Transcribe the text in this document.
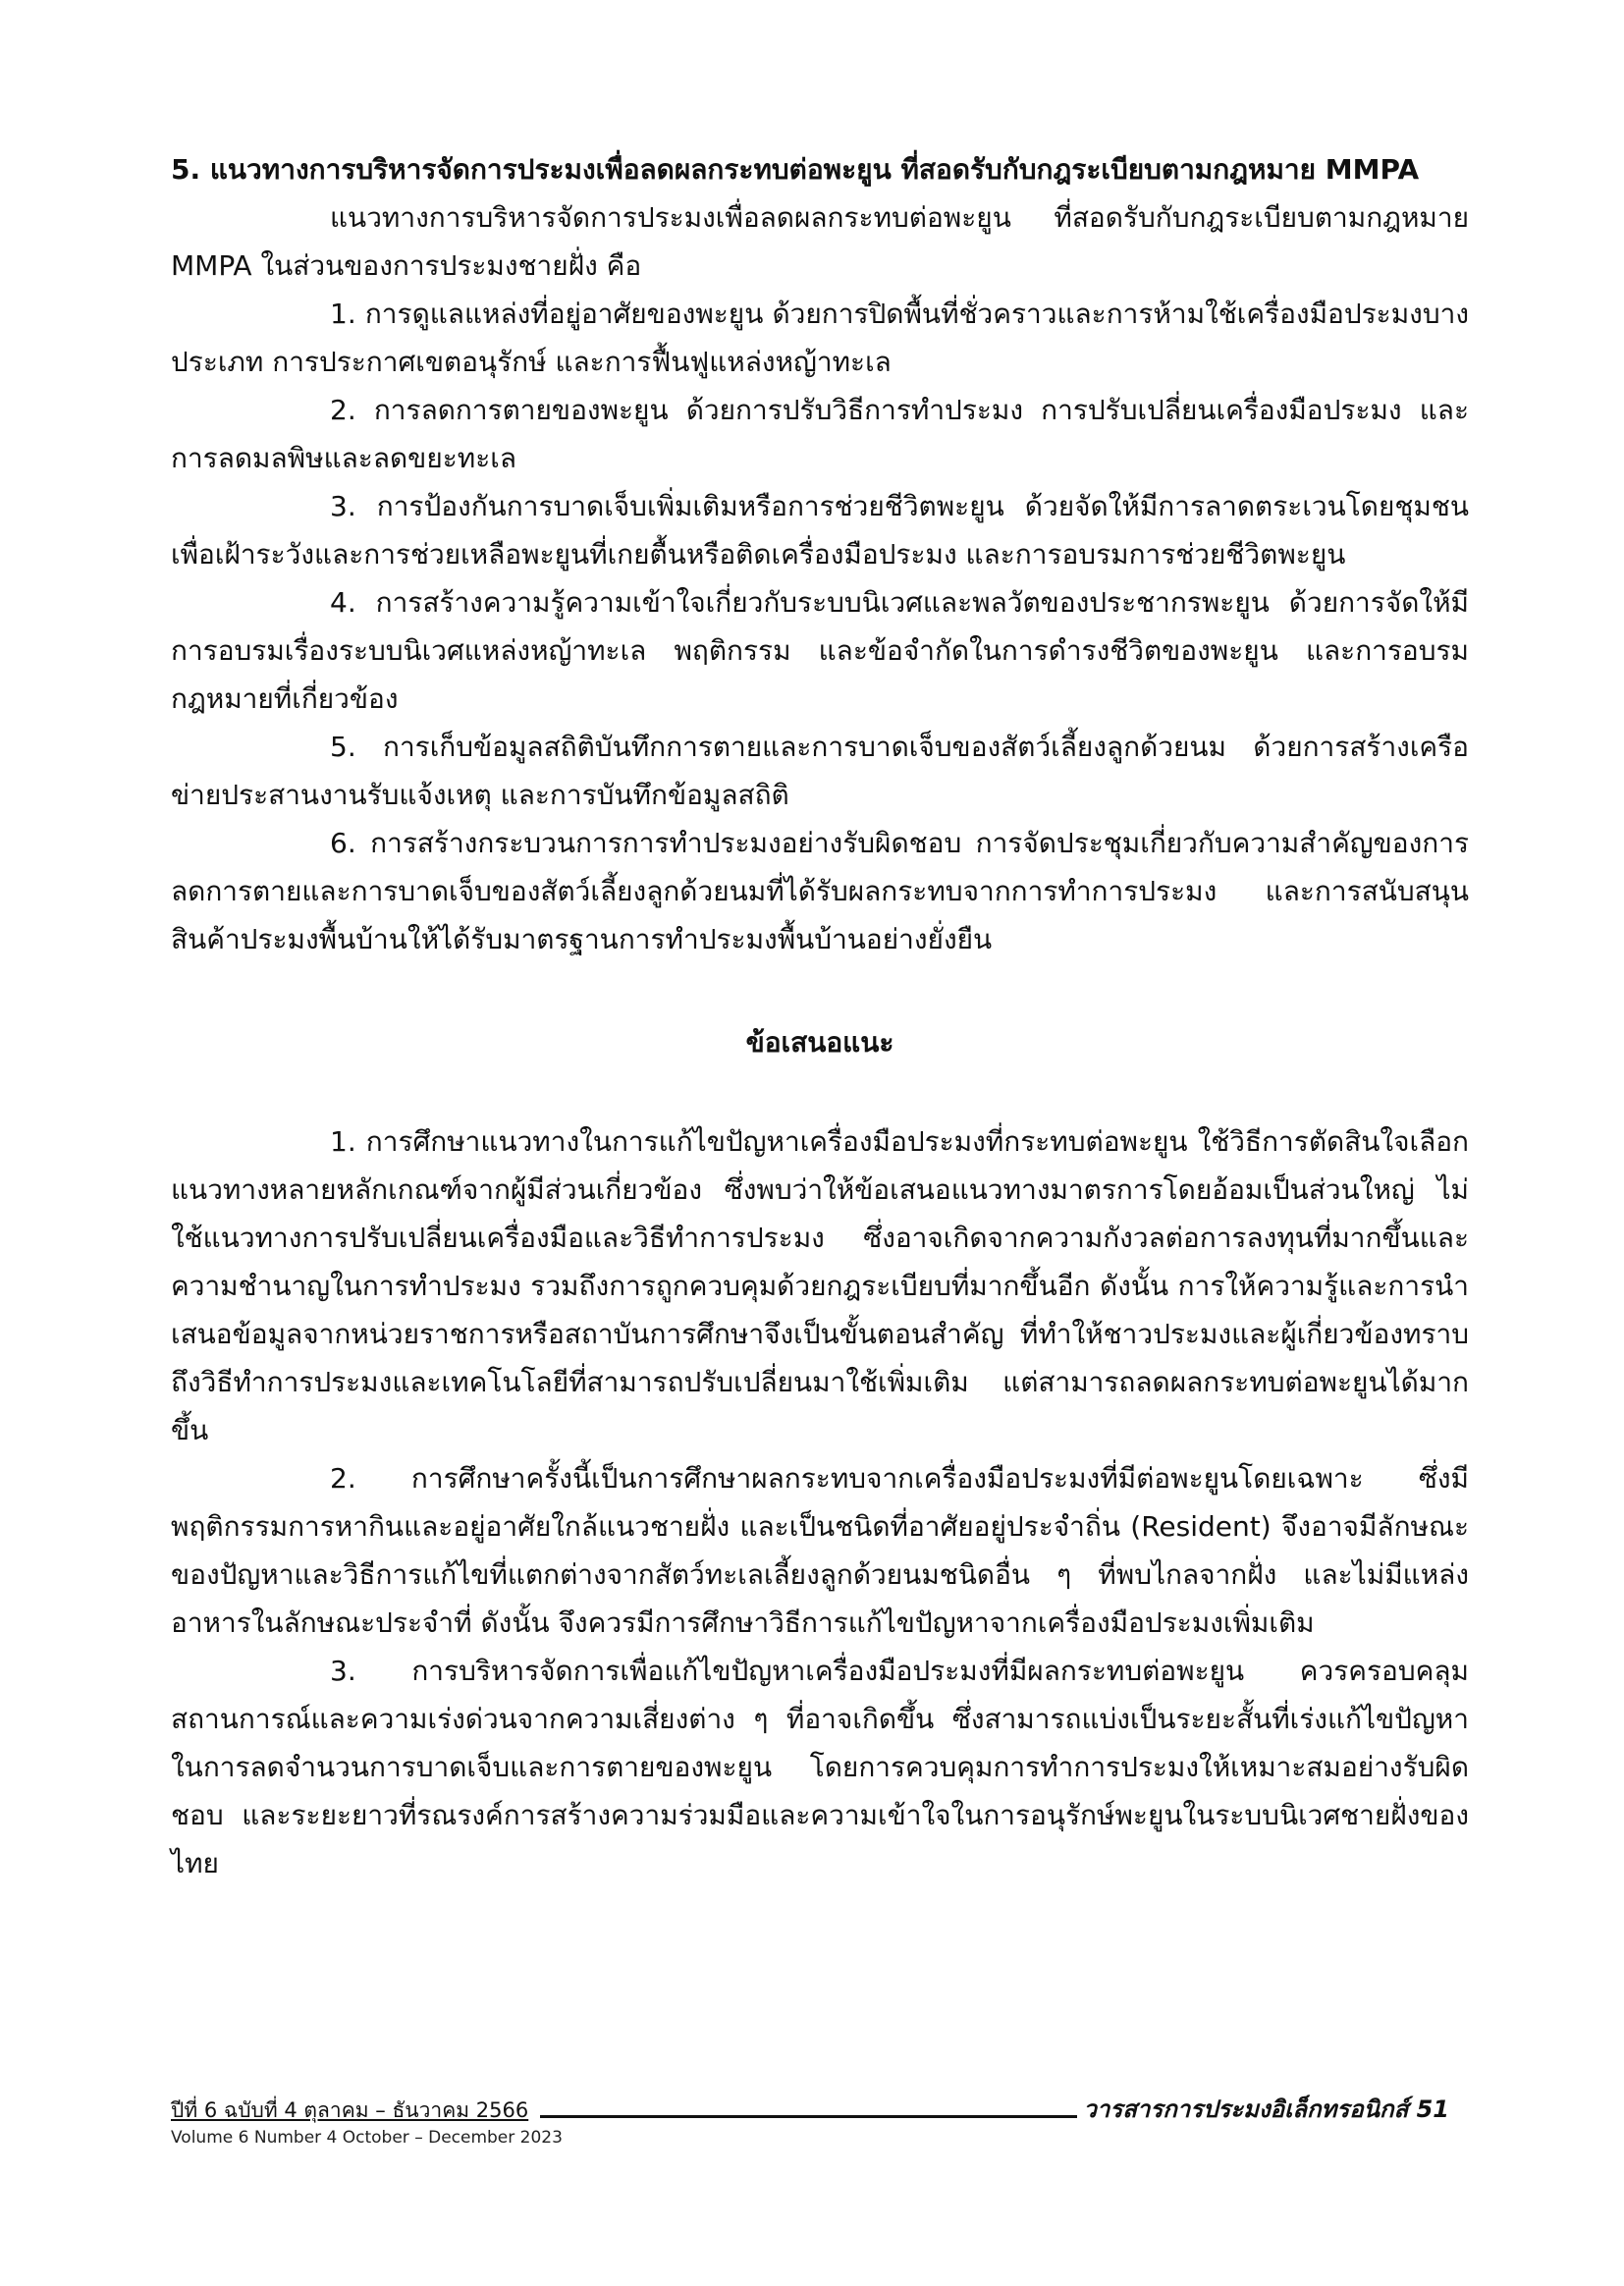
5. แนวทางการบริหารจัดการประมงเพื่อลดผลกระทบต่อพะยูน ที่สอดรับกับกฎระเบียบตามกฎหมาย MMPA

แนวทางการบริหารจัดการประมงเพื่อลดผลกระทบต่อพะยูน ที่สอดรับกับกฎระเบียบตามกฎหมาย MMPA ในส่วนของการประมงชายฝั่ง คือ

1. การดูแลแหล่งที่อยู่อาศัยของพะยูน ด้วยการปิดพื้นที่ชั่วคราวและการห้ามใช้เครื่องมือประมงบางประเภท การประกาศเขตอนุรักษ์ และการฟื้นฟูแหล่งหญ้าทะเล

2. การลดการตายของพะยูน ด้วยการปรับวิธีการทำประมง การปรับเปลี่ยนเครื่องมือประมง และการลดมลพิษและลดขยะทะเล

3. การป้องกันการบาดเจ็บเพิ่มเติมหรือการช่วยชีวิตพะยูน ด้วยจัดให้มีการลาดตระเวนโดยชุมชนเพื่อเฝ้าระวังและการช่วยเหลือพะยูนที่เกยตื้นหรือติดเครื่องมือประมง และการอบรมการช่วยชีวิตพะยูน

4. การสร้างความรู้ความเข้าใจเกี่ยวกับระบบนิเวศและพลวัตของประชากรพะยูน ด้วยการจัดให้มีการอบรมเรื่องระบบนิเวศแหล่งหญ้าทะเล พฤติกรรม และข้อจำกัดในการดำรงชีวิตของพะยูน และการอบรมกฎหมายที่เกี่ยวข้อง

5. การเก็บข้อมูลสถิติบันทึกการตายและการบาดเจ็บของสัตว์เลี้ยงลูกด้วยนม ด้วยการสร้างเครือข่ายประสานงานรับแจ้งเหตุ และการบันทึกข้อมูลสถิติ

6. การสร้างกระบวนการการทำประมงอย่างรับผิดชอบ การจัดประชุมเกี่ยวกับความสำคัญของการลดการตายและการบาดเจ็บของสัตว์เลี้ยงลูกด้วยนมที่ได้รับผลกระทบจากการทำการประมง และการสนับสนุนสินค้าประมงพื้นบ้านให้ได้รับมาตรฐานการทำประมงพื้นบ้านอย่างยั่งยืน

ข้อเสนอแนะ

1. การศึกษาแนวทางในการแก้ไขปัญหาเครื่องมือประมงที่กระทบต่อพะยูน ใช้วิธีการตัดสินใจเลือกแนวทางหลายหลักเกณฑ์จากผู้มีส่วนเกี่ยวข้อง ซึ่งพบว่าให้ข้อเสนอแนวทางมาตรการโดยอ้อมเป็นส่วนใหญ่ ไม่ใช้แนวทางการปรับเปลี่ยนเครื่องมือและวิธีทำการประมง ซึ่งอาจเกิดจากความกังวลต่อการลงทุนที่มากขึ้นและความชำนาญในการทำประมง รวมถึงการถูกควบคุมด้วยกฎระเบียบที่มากขึ้นอีก ดังนั้น การให้ความรู้และการนำเสนอข้อมูลจากหน่วยราชการหรือสถาบันการศึกษาจึงเป็นขั้นตอนสำคัญ ที่ทำให้ชาวประมงและผู้เกี่ยวข้องทราบถึงวิธีทำการประมงและเทคโนโลยีที่สามารถปรับเปลี่ยนมาใช้เพิ่มเติม แต่สามารถลดผลกระทบต่อพะยูนได้มากขึ้น

2. การศึกษาครั้งนี้เป็นการศึกษาผลกระทบจากเครื่องมือประมงที่มีต่อพะยูนโดยเฉพาะ ซึ่งมีพฤติกรรมการหากินและอยู่อาศัยใกล้แนวชายฝั่ง และเป็นชนิดที่อาศัยอยู่ประจำถิ่น (Resident) จึงอาจมีลักษณะของปัญหาและวิธีการแก้ไขที่แตกต่างจากสัตว์ทะเลเลี้ยงลูกด้วยนมชนิดอื่น ๆ ที่พบไกลจากฝั่ง และไม่มีแหล่งอาหารในลักษณะประจำที่ ดังนั้น จึงควรมีการศึกษาวิธีการแก้ไขปัญหาจากเครื่องมือประมงเพิ่มเติม

3. การบริหารจัดการเพื่อแก้ไขปัญหาเครื่องมือประมงที่มีผลกระทบต่อพะยูน ควรครอบคลุมสถานการณ์และความเร่งด่วนจากความเสี่ยงต่าง ๆ ที่อาจเกิดขึ้น ซึ่งสามารถแบ่งเป็นระยะสั้นที่เร่งแก้ไขปัญหาในการลดจำนวนการบาดเจ็บและการตายของพะยูน โดยการควบคุมการทำการประมงให้เหมาะสมอย่างรับผิดชอบ และระยะยาวที่รณรงค์การสร้างความร่วมมือและความเข้าใจในการอนุรักษ์พะยูนในระบบนิเวศชายฝั่งของไทย

ปีที่ 6 ฉบับที่ 4 ตุลาคม – ธันวาคม 2566	วารสารการประมงอิเล็กทรอนิกส์ 51
Volume 6 Number 4 October – December 2023
